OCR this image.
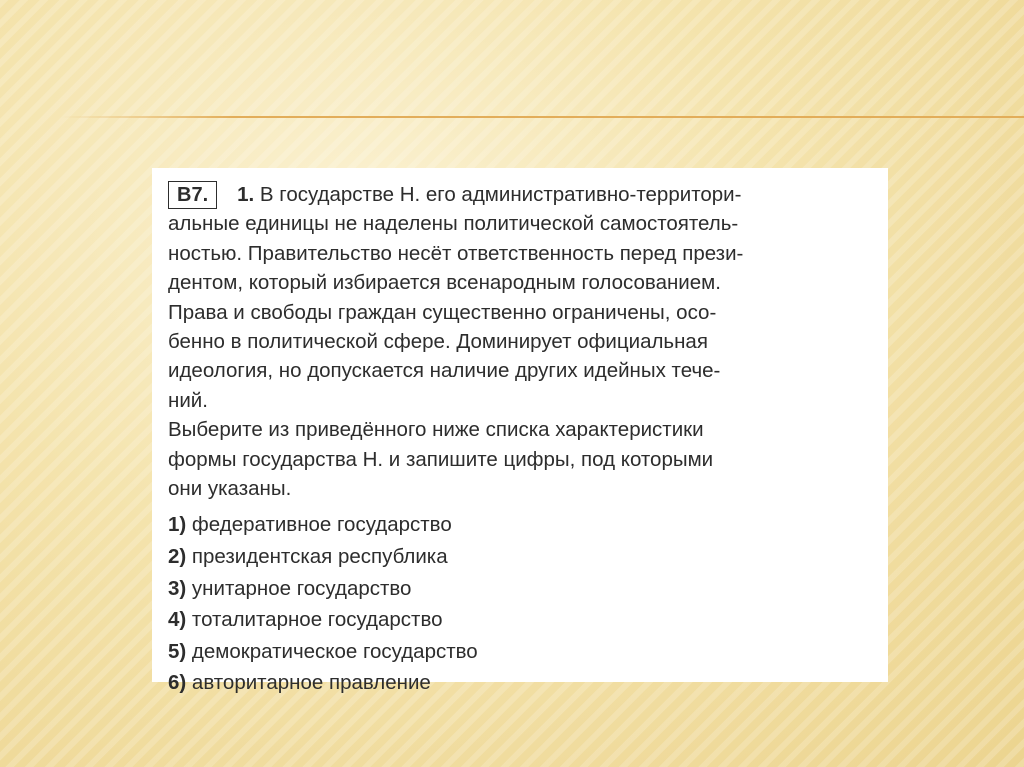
B7.	1. В государстве Н. его административно-территори-
альные единицы не наделены политической самостоятель-
ностью. Правительство несёт ответственность перед прези-
дентом, который избирается всенародным голосованием.
Права и свободы граждан существенно ограничены, осо-
бенно в политической сфере. Доминирует официальная
идеология, но допускается наличие других идейных тече-
ний.
Выберите из приведённого ниже списка характеристики
формы государства Н. и запишите цифры, под которыми
они указаны.
1) федеративное государство
2) президентская республика
3) унитарное государство
4) тоталитарное государство
5) демократическое государство
6) авторитарное правление
